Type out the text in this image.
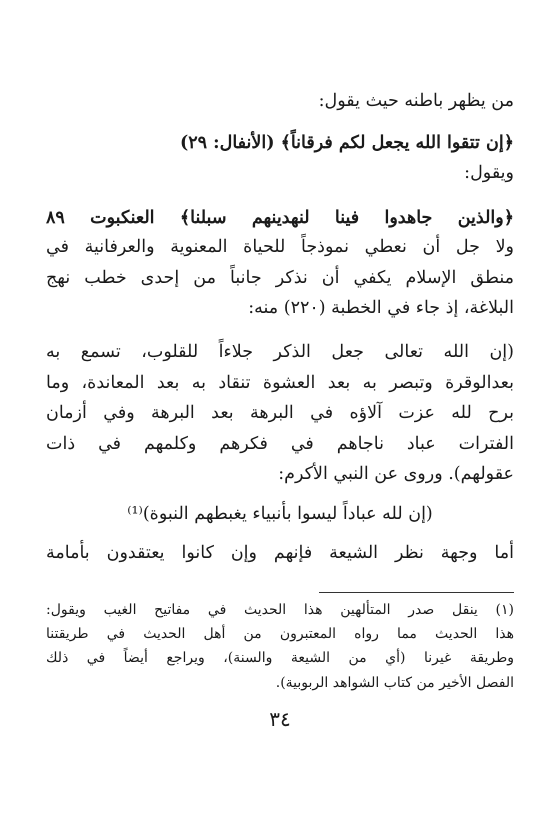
من يظهر باطنه حيث يقول:
﴿إن تتقوا الله يجعل لكم فرقاناً﴾ (الأنفال: ٢٩)
ويقول:
﴿والذين جاهدوا فينا لنهدينهم سبلنا﴾ العنكبوت ٨٩
ولا جل أن نعطي نموذجاً للحياة المعنوية والعرفانية في
منطق الإسلام يكفي أن نذكر جانباً من إحدى خطب نهج
البلاغة، إذ جاء في الخطبة (٢٢٠) منه:
(إن الله تعالى جعل الذكر جلاءاً للقلوب، تسمع به
بعدالوقرة وتبصر به بعد العشوة تنقاد به بعد المعاندة، وما
برح لله عزت آلاؤه في البرهة بعد البرهة وفي أزمان
الفترات عباد ناجاهم في فكرهم وكلمهم في ذات
عقولهم). وروى عن النبي الأكرم:
(إن لله عباداً ليسوا بأنبياء يغبطهم النبوة)⁽¹⁾
أما وجهة نظر الشيعة فإنهم وإن كانوا يعتقدون بأمامة
(١) ينقل صدر المتألهين هذا الحديث في مفاتيح الغيب ويقول:
هذا الحديث مما رواه المعتبرون من أهل الحديث في طريقتنا
وطريقة غيرنا (أي من الشيعة والسنة)، ويراجع أيضاً في ذلك
الفصل الأخير من كتاب الشواهد الربوبية).
٣٤
